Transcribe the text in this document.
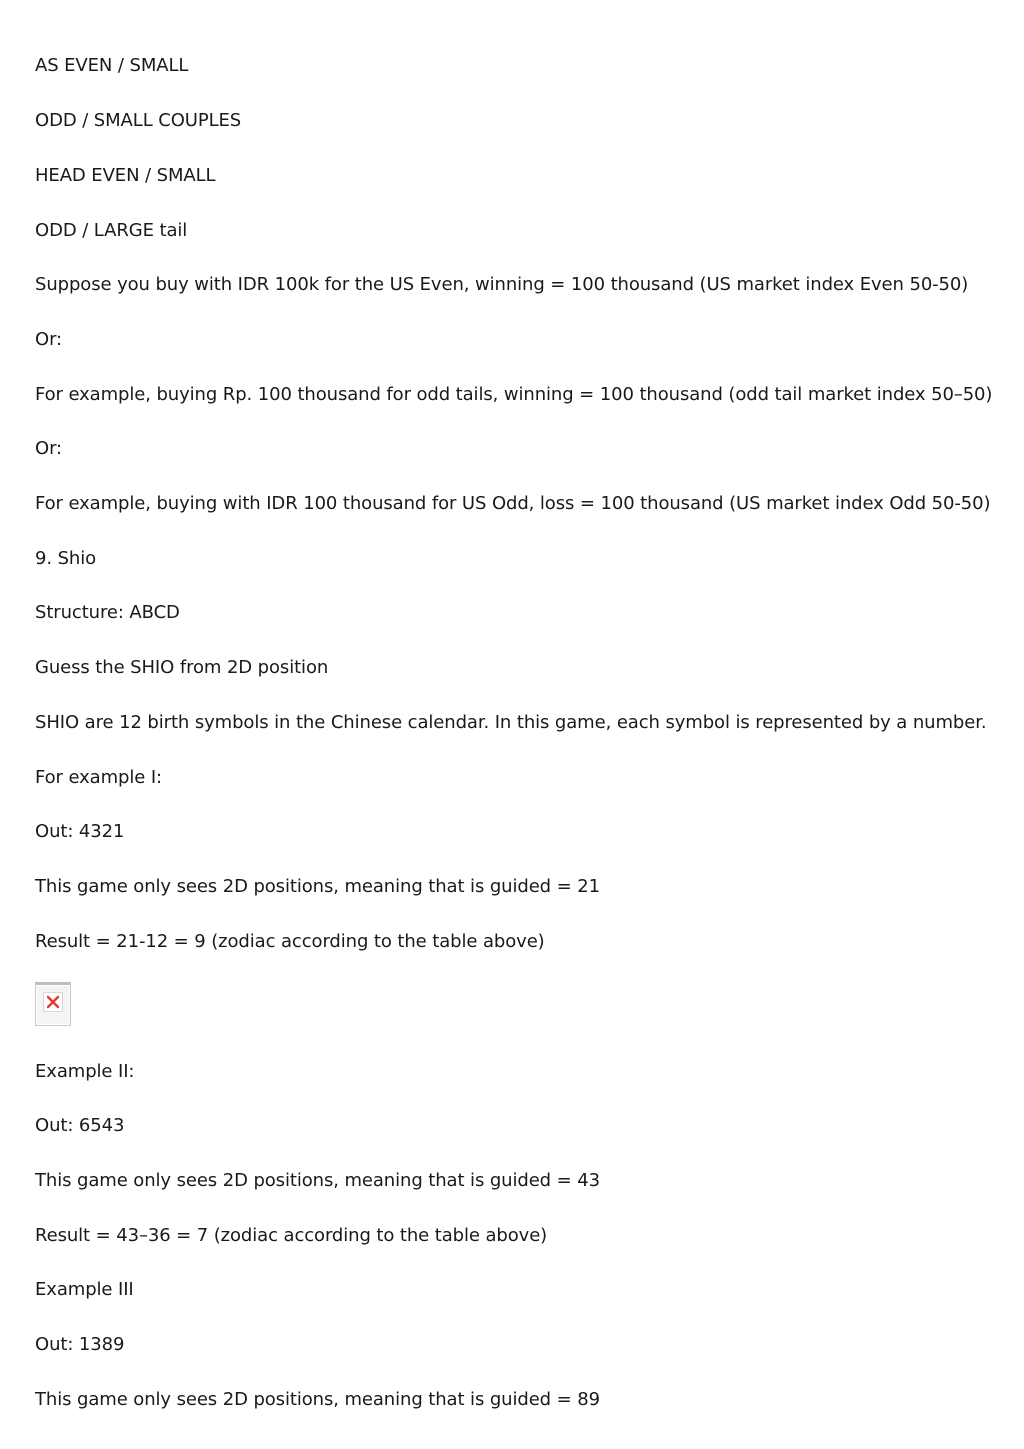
AS EVEN / SMALL
ODD / SMALL COUPLES
HEAD EVEN / SMALL
ODD / LARGE tail
Suppose you buy with IDR 100k for the US Even, winning = 100 thousand (US market index Even 50-50)
Or:
For example, buying Rp. 100 thousand for odd tails, winning = 100 thousand (odd tail market index 50–50)
Or:
For example, buying with IDR 100 thousand for US Odd, loss = 100 thousand (US market index Odd 50-50)
9. Shio
Structure: ABCD
Guess the SHIO from 2D position
SHIO are 12 birth symbols in the Chinese calendar. In this game, each symbol is represented by a number.
For example I:
Out: 4321
This game only sees 2D positions, meaning that is guided = 21
Result = 21-12 = 9 (zodiac according to the table above)
Example II:
Out: 6543
This game only sees 2D positions, meaning that is guided = 43
Result = 43–36 = 7 (zodiac according to the table above)
Example III
Out: 1389
This game only sees 2D positions, meaning that is guided = 89
